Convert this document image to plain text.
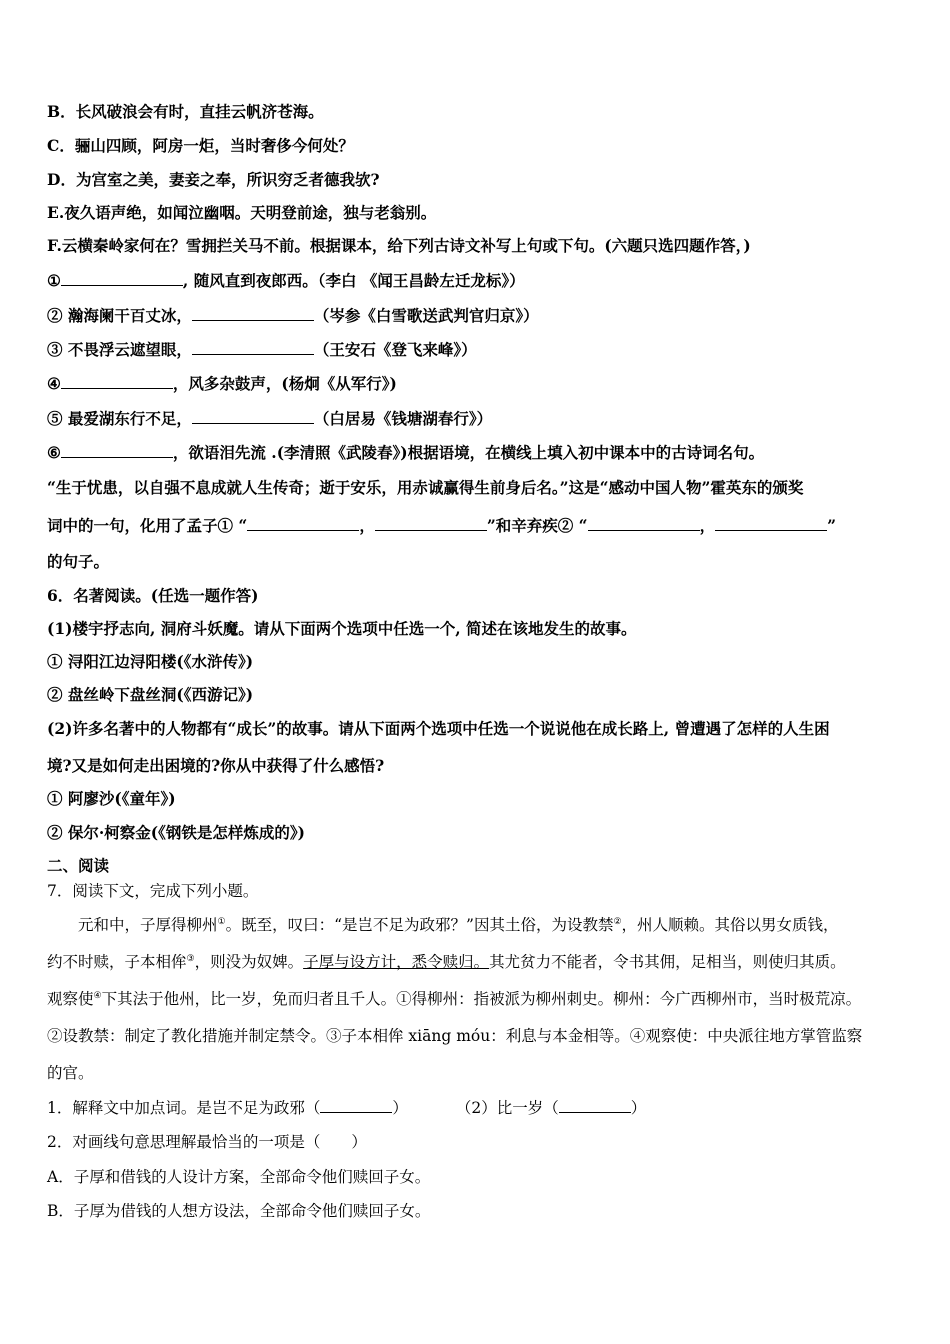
B．长风破浪会有时，直挂云帆济苍海。
C．骊山四顾，阿房一炬，当时奢侈今何处？
D．为宫室之美，妻妾之奉，所识穷乏者德我欤?
E.夜久语声绝，如闻泣幽咽。天明登前途，独与老翁别。
F.云横秦岭家何在？雪拥拦关马不前。根据课本，给下列古诗文补写上句或下句。(六题只选四题作答，)
①	, 随风直到夜郎西。（李白 《闻王昌龄左迁龙标》）
② 瀚海阑干百丈冰，	（岑参《白雪歌送武判官归京》）
③ 不畏浮云遮望眼，	（王安石《登飞来峰》）
④	，风多杂鼓声，(杨炯《从军行》)
⑤ 最爱湖东行不足，	（白居易《钱塘湖春行》）
⑥	，欲语泪先流 .(李清照《武陵春》)根据语境，在横线上填入初中课本中的古诗词名句。
“生于忧患，以自强不息成就人生传奇；逝于安乐，用赤诚赢得生前身后名。”这是“感动中国人物”霍英东的颁奖
词中的一句，化用了孟子① “	，	”和辛弃疾② “	，	”
的句子。
6．名著阅读。(任选一题作答)
(1)楼宇抒志向, 洞府斗妖魔。请从下面两个选项中任选一个, 简述在该地发生的故事。
① 浔阳江边浔阳楼(《水浒传》)
② 盘丝岭下盘丝洞(《西游记》)
(2)许多名著中的人物都有“成长”的故事。请从下面两个选项中任选一个说说他在成长路上, 曾遭遇了怎样的人生困
境?又是如何走出困境的?你从中获得了什么感悟?
① 阿廖沙(《童年》)
② 保尔·柯察金(《钢铁是怎样炼成的》)
二、阅读
7．阅读下文，完成下列小题。
元和中，子厚得柳州①。既至，叹曰：“是岂不足为政邪？”因其土俗，为设教禁②，州人顺赖。其俗以男女质钱，
约不时赎，子本相侔③，则没为奴婢。子厚与设方计，悉令赎归。其尤贫力不能者，令书其佣，足相当，则使归其质。
观察使④下其法于他州，比一岁，免而归者且千人。①得柳州：指被派为柳州刺史。柳州：今广西柳州市，当时极荒凉。
②设教禁：制定了教化措施并制定禁令。③子本相侔 xiāng móu：利息与本金相等。④观察使：中央派往地方掌管监察
的官。
1．解释文中加点词。是岂不足为政邪（	）	（2）比一岁（	）
2．对画线句意思理解最恰当的一项是（　　）
A．子厚和借钱的人设计方案，全部命令他们赎回子女。
B．子厚为借钱的人想方设法，全部命令他们赎回子女。
